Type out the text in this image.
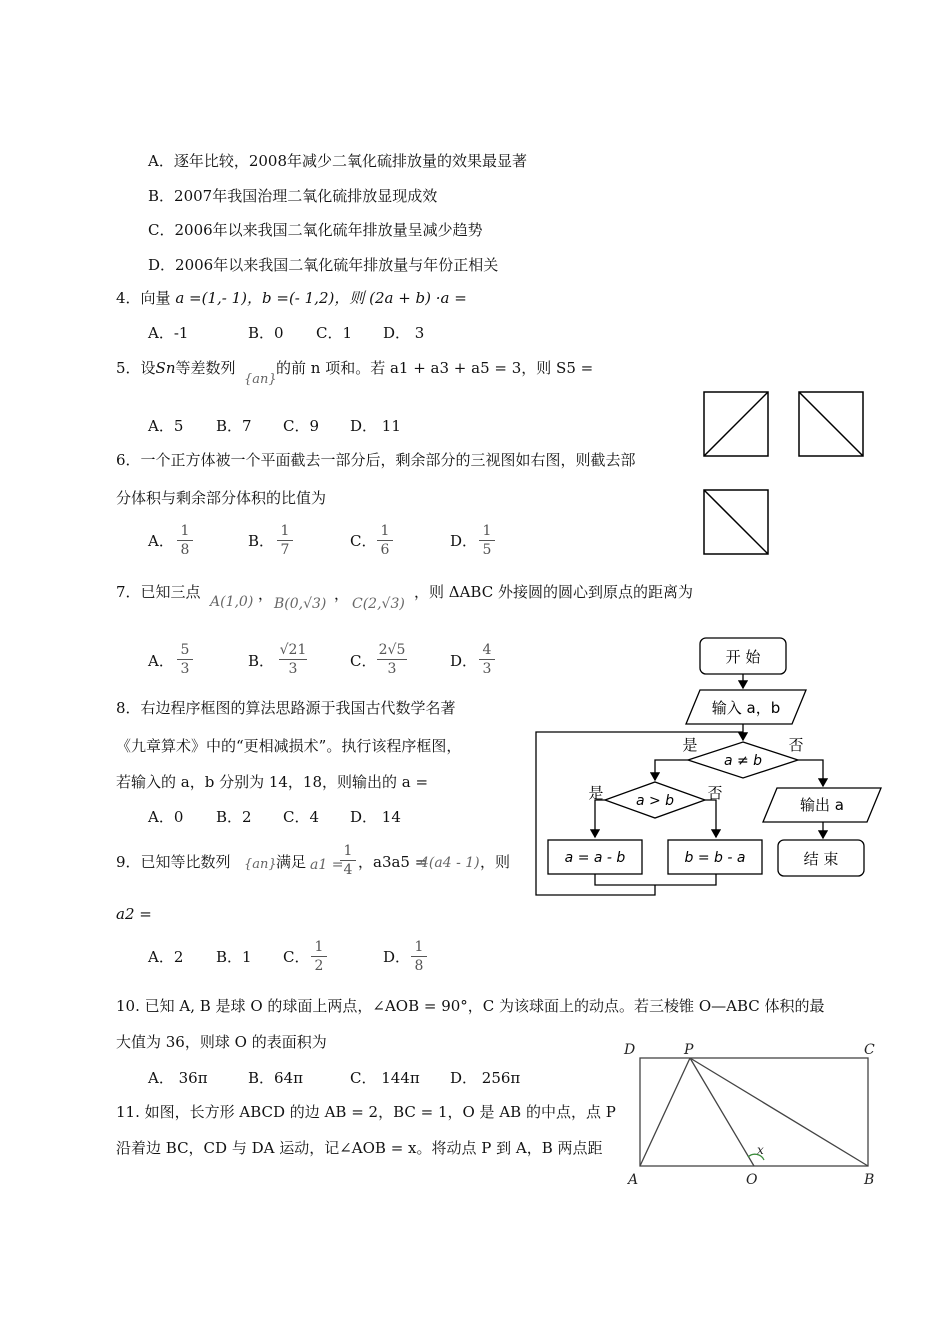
A．逐年比较，2008年减少二氧化硫排放量的效果最显著
B．2007年我国治理二氧化硫排放显现成效
C．2006年以来我国二氧化硫年排放量呈减少趋势
D．2006年以来我国二氧化硫年排放量与年份正相关
4．向量 a =(1,- 1)，b =(- 1,2)，则 (2a + b) ·a =
A．-1	B．0 C．1 D． 3
5．设Sn等差数列
{an}
的前 n 项和。若 a1 + a3 + a5 = 3，则 S5 =
A．5 B．7 C．9 D． 11
6．一个正方体被一个平面截去一部分后，剩余部分的三视图如右图，则截去部
分体积与剩余部分体积的比值为
A．
1
8	B．
1
7	C．
1
6	D．
1
5
7．已知三点
A(1,0) ，
B(0,√3)
，
C(2,√3)
，则 ΔABC 外接圆的圆心到原点的距离为
A．
5
3	B．
√21
3	C．
2√5
3	D．
4
3
8．右边程序框图的算法思路源于我国古代数学名著
《九章算术》中的“更相减损术”。执行该程序框图，
若输入的 a，b 分别为 14，18，则输出的 a =
A．0 B．2 C．4 D． 14
开 始
输入 a，b
a ≠ b
是	否
a > b
是	否
a = a - b	b = b - a
输出 a
结 束
9．已知等比数列 {an} 满足 a1 =
1
4 ，a3a5 =
4(a4 - 1) ，则
a2 =
A．2 B．1 C．
1
2	D．
1
8
10. 已知 A, B 是球 O 的球面上两点，∠AOB = 90°，C 为该球面上的动点。若三棱锥 O—ABC 体积的最
大值为 36，则球 O 的表面积为
A． 36π	B．64π	C． 144π D． 256π
11. 如图，长方形 ABCD 的边 AB = 2，BC = 1，O 是 AB 的中点，点 P
沿着边 BC，CD 与 DA 运动，记∠AOB = x。将动点 P 到 A，B 两点距
D	P	C
A	O	B
x
